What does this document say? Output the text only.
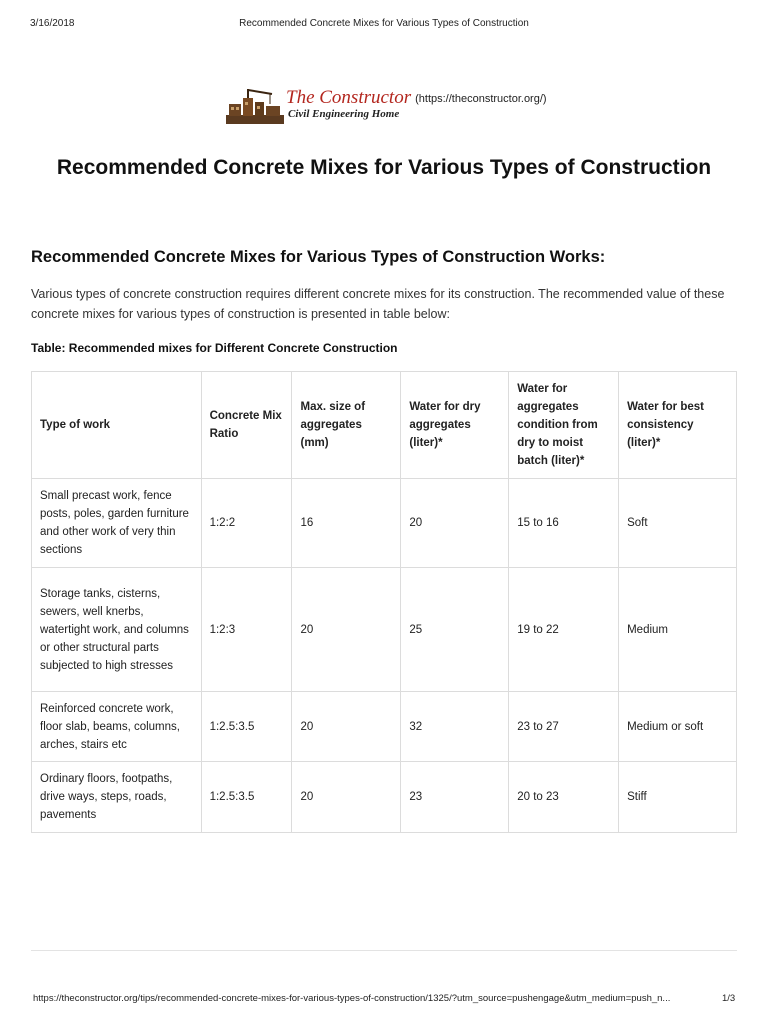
3/16/2018	Recommended Concrete Mixes for Various Types of Construction
The Constructor
Civil Engineering Home
(https://theconstructor.org/)
Recommended Concrete Mixes for Various Types of Construction
Recommended Concrete Mixes for Various Types of Construction Works:

Various types of concrete construction requires different concrete mixes for its construction. The recommended value of these concrete mixes for various types of construction is presented in table below:

Table: Recommended mixes for Different Concrete Construction
Type of work	Concrete Mix Ratio	Max. size of aggregates (mm)	Water for dry aggregates (liter)*	Water for aggregates condition from dry to moist batch (liter)*	Water for best consistency (liter)*
Small precast work, fence posts, poles, garden furniture and other work of very thin sections	1:2:2	16	20	15 to 16	Soft
Storage tanks, cisterns, sewers, well knerbs, watertight work, and columns or other structural parts subjected to high stresses	1:2:3	20	25	19 to 22	Medium
Reinforced concrete work, floor slab, beams, columns, arches, stairs etc	1:2.5:3.5	20	32	23 to 27	Medium or soft
Ordinary floors, footpaths, drive ways, steps, roads, pavements	1:2.5:3.5	20	23	20 to 23	Stiff
https://theconstructor.org/tips/recommended-concrete-mixes-for-various-types-of-construction/1325/?utm_source=pushengage&utm_medium=push_n...	1/3
